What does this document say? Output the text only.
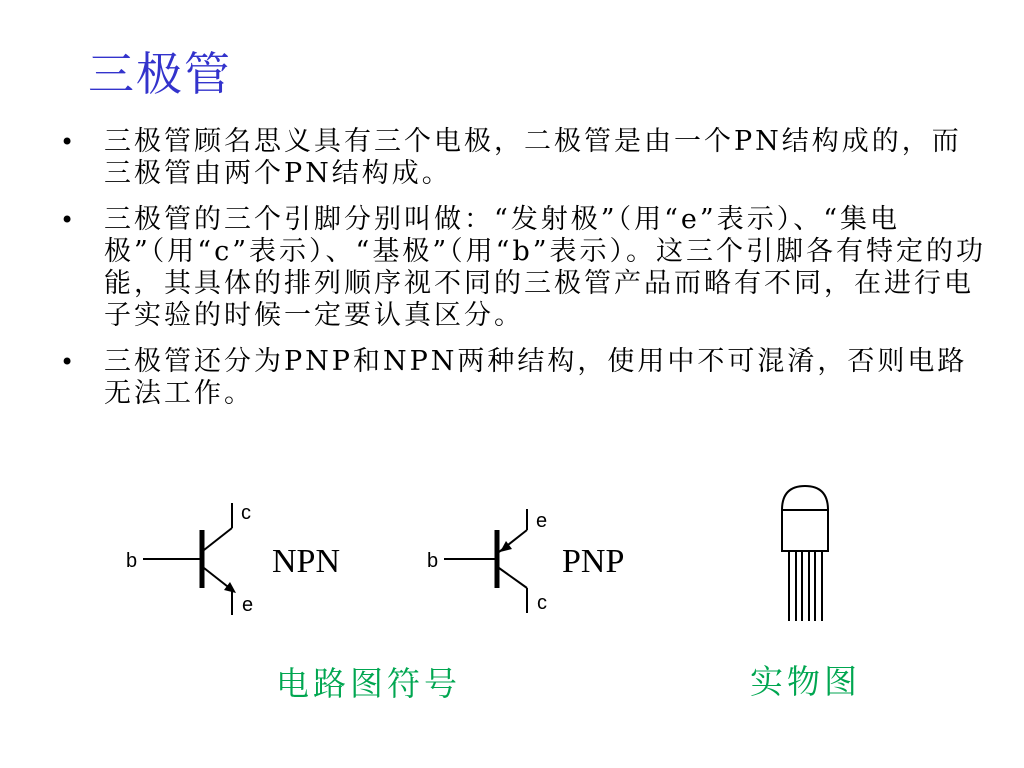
三极管
• 三极管顾名思义具有三个电极，二极管是由一个PN结构成的，而三极管由两个PN结构成。
• 三极管的三个引脚分别叫做：“发射极”（用“e”表示）、“集电极”（用“c”表示）、“基极”（用“b”表示）。这三个引脚各有特定的功能，其具体的排列顺序视不同的三极管产品而略有不同，在进行电子实验的时候一定要认真区分。
• 三极管还分为PNP和NPN两种结构，使用中不可混淆，否则电路无法工作。
b
c
e
NPN	b
e
c
PNP
电路图符号	实物图
